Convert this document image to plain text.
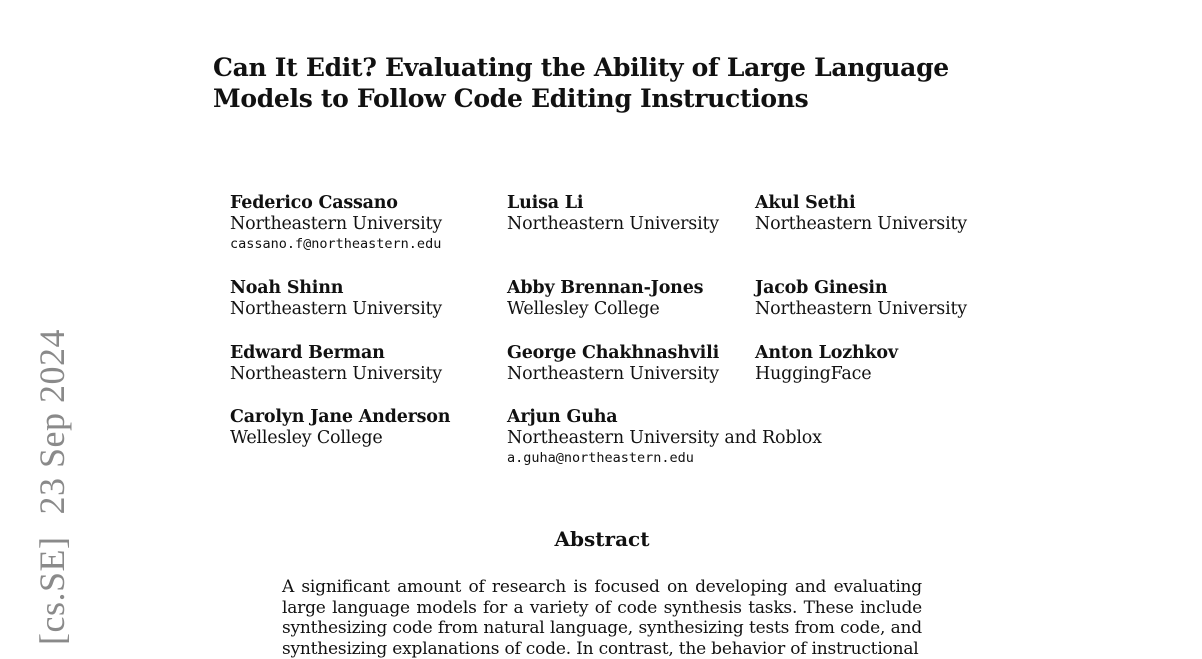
[cs.SE]23 Sep 2024
Can It Edit? Evaluating the Ability of Large Language Models to Follow Code Editing Instructions
Federico Cassano
Northeastern University
cassano.f@northeastern.edu
Luisa Li
Northeastern University
Akul Sethi
Northeastern University
Noah Shinn
Northeastern University
Abby Brennan-Jones
Wellesley College
Jacob Ginesin
Northeastern University
Edward Berman
Northeastern University
George Chakhnashvili
Northeastern University
Anton Lozhkov
HuggingFace
Carolyn Jane Anderson
Wellesley College
Arjun Guha
Northeastern University and Roblox
a.guha@northeastern.edu
Abstract

A significant amount of research is focused on developing and evaluating large language models for a variety of code synthesis tasks. These include synthesizing code from natural language, synthesizing tests from code, and synthesizing explanations of code. In contrast, the behavior of instructional
